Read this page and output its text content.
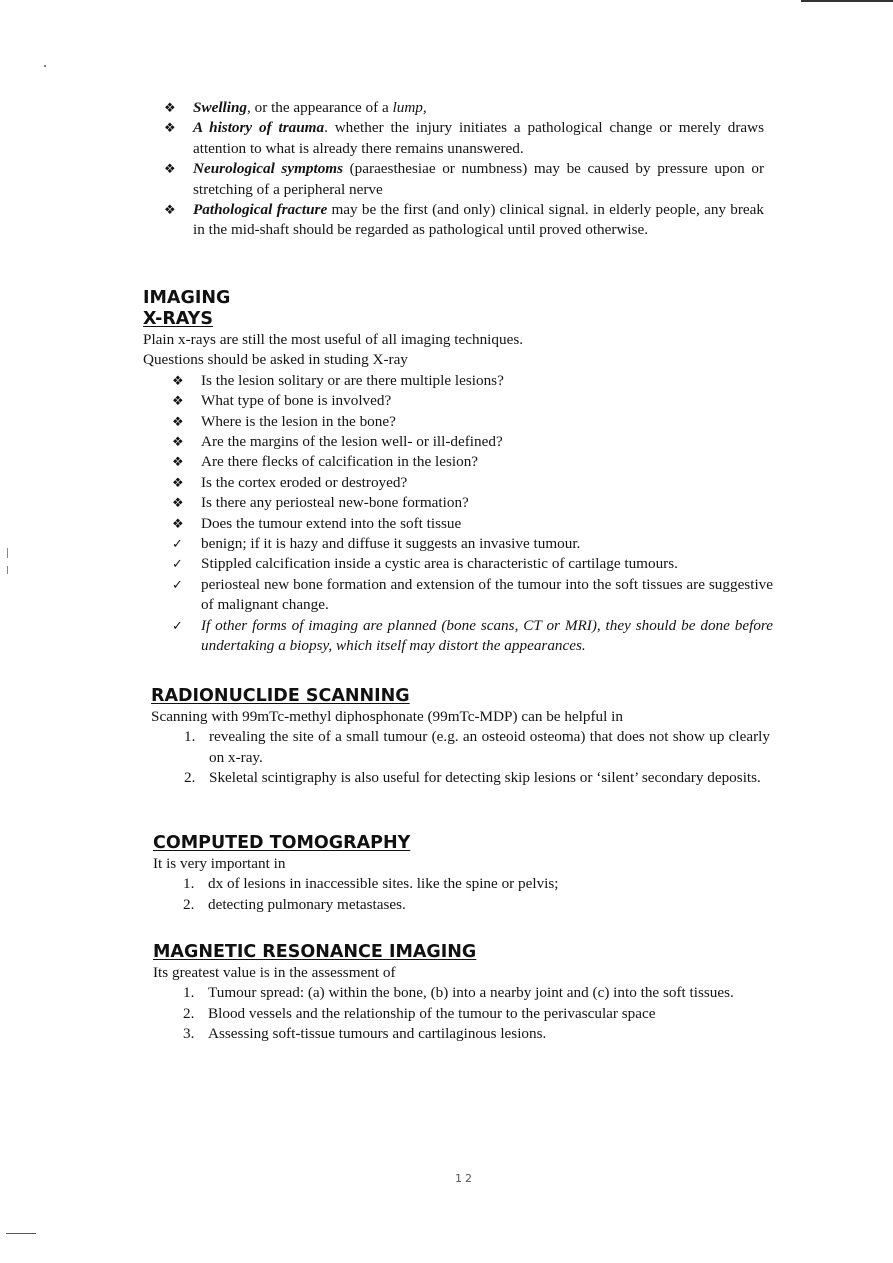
❖ Swelling, or the appearance of a lump,
❖ A history of trauma. whether the injury initiates a pathological change or merely draws attention to what is already there remains unanswered.
❖ Neurological symptoms (paraesthesiae or numbness) may be caused by pressure upon or stretching of a peripheral nerve
❖ Pathological fracture may be the first (and only) clinical signal. in elderly people, any break in the mid-shaft should be regarded as pathological until proved otherwise.
IMAGING
X-RAYS
Plain x-rays are still the most useful of all imaging techniques.
Questions should be asked in studing X-ray
❖ Is the lesion solitary or are there multiple lesions?
❖ What type of bone is involved?
❖ Where is the lesion in the bone?
❖ Are the margins of the lesion well- or ill-defined?
❖ Are there flecks of calcification in the lesion?
❖ Is the cortex eroded or destroyed?
❖ Is there any periosteal new-bone formation?
❖ Does the tumour extend into the soft tissue
✓ benign; if it is hazy and diffuse it suggests an invasive tumour.
✓ Stippled calcification inside a cystic area is characteristic of cartilage tumours.
✓ periosteal new bone formation and extension of the tumour into the soft tissues are suggestive of malignant change.
✓ If other forms of imaging are planned (bone scans, CT or MRI), they should be done before undertaking a biopsy, which itself may distort the appearances.
RADIONUCLIDE SCANNING
Scanning with 99mTc-methyl diphosphonate (99mTc-MDP) can be helpful in
1. revealing the site of a small tumour (e.g. an osteoid osteoma) that does not show up clearly on x-ray.
2. Skeletal scintigraphy is also useful for detecting skip lesions or ‘silent’ secondary deposits.
COMPUTED TOMOGRAPHY
It is very important in
1. dx of lesions in inaccessible sites. like the spine or pelvis;
2. detecting pulmonary metastases.
MAGNETIC RESONANCE IMAGING
Its greatest value is in the assessment of
1. Tumour spread: (a) within the bone, (b) into a nearby joint and (c) into the soft tissues.
2. Blood vessels and the relationship of the tumour to the perivascular space
3. Assessing soft-tissue tumours and cartilaginous lesions.
12
